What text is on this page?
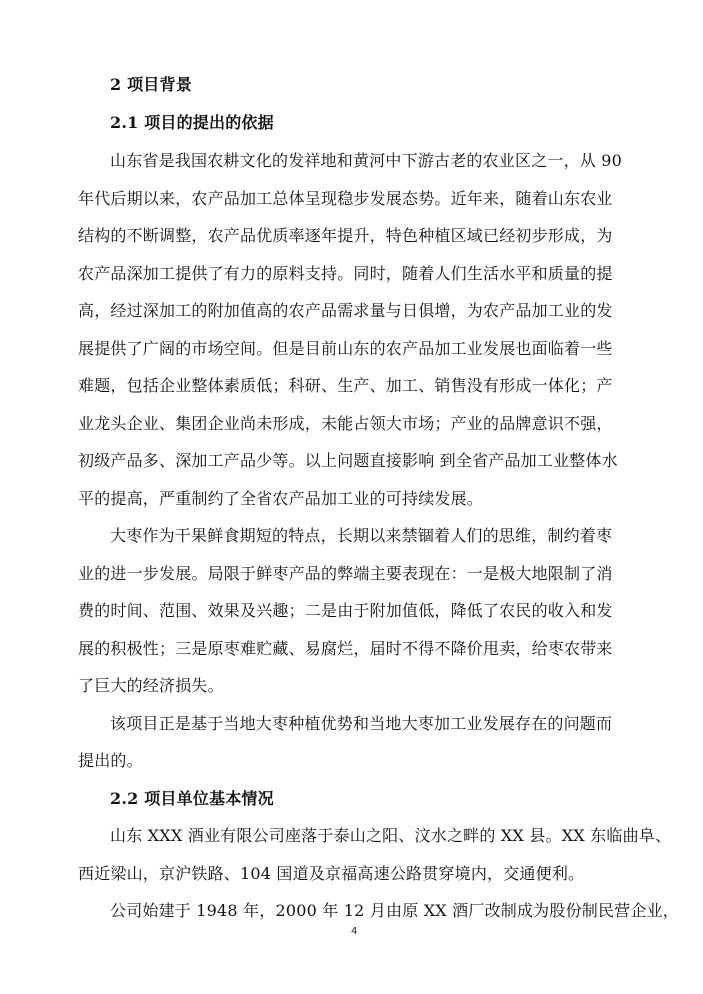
2 项目背景
2.1 项目的提出的依据
山东省是我国农耕文化的发祥地和黄河中下游古老的农业区之一，从 90
年代后期以来，农产品加工总体呈现稳步发展态势。近年来，随着山东农业
结构的不断调整，农产品优质率逐年提升，特色种植区域已经初步形成，为
农产品深加工提供了有力的原料支持。同时，随着人们生活水平和质量的提
高，经过深加工的附加值高的农产品需求量与日俱增，为农产品加工业的发
展提供了广阔的市场空间。但是目前山东的农产品加工业发展也面临着一些
难题，包括企业整体素质低；科研、生产、加工、销售没有形成一体化；产
业龙头企业、集团企业尚未形成，未能占领大市场；产业的品牌意识不强，
初级产品多、深加工产品少等。以上问题直接影响 到全省产品加工业整体水
平的提高，严重制约了全省农产品加工业的可持续发展。
大枣作为干果鲜食期短的特点，长期以来禁锢着人们的思维，制约着枣
业的进一步发展。局限于鲜枣产品的弊端主要表现在：一是极大地限制了消
费的时间、范围、效果及兴趣；二是由于附加值低，降低了农民的收入和发
展的积极性；三是原枣难贮藏、易腐烂，届时不得不降价甩卖，给枣农带来
了巨大的经济损失。
该项目正是基于当地大枣种植优势和当地大枣加工业发展存在的问题而
提出的。
2.2 项目单位基本情况
山东 XXX 酒业有限公司座落于泰山之阳、汶水之畔的 XX 县。XX 东临曲阜、
西近梁山，京沪铁路、104 国道及京福高速公路贯穿境内，交通便利。
公司始建于 1948 年，2000 年 12 月由原 XX 酒厂改制成为股份制民营企业，
4
